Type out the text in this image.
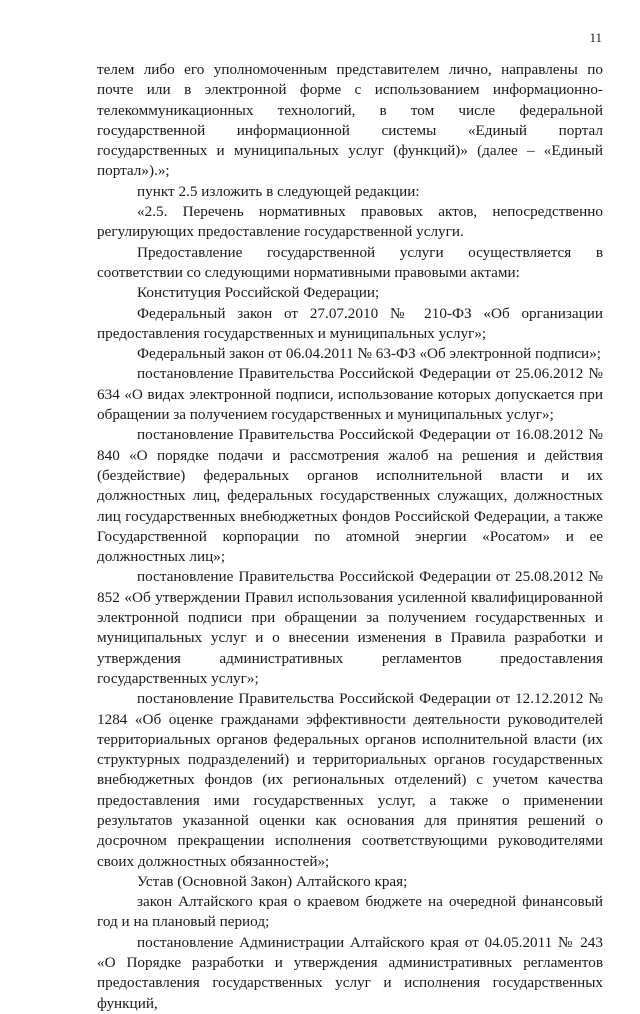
11

телем либо его уполномоченным представителем лично, направлены по почте или в электронной форме с использованием информационно-телекоммуникационных технологий, в том числе федеральной государственной информационной системы «Единый портал государственных и муниципальных услуг (функций)» (далее – «Единый портал»).»;

пункт 2.5 изложить в следующей редакции:

«2.5. Перечень нормативных правовых актов, непосредственно регулирующих предоставление государственной услуги.

Предоставление государственной услуги осуществляется в соответствии со следующими нормативными правовыми актами:

Конституция Российской Федерации;

Федеральный закон от 27.07.2010 № 210-ФЗ «Об организации предоставления государственных и муниципальных услуг»;

Федеральный закон от 06.04.2011 № 63-ФЗ «Об электронной подписи»;

постановление Правительства Российской Федерации от 25.06.2012 № 634 «О видах электронной подписи, использование которых допускается при обращении за получением государственных и муниципальных услуг»;

постановление Правительства Российской Федерации от 16.08.2012 № 840 «О порядке подачи и рассмотрения жалоб на решения и действия (бездействие) федеральных органов исполнительной власти и их должностных лиц, федеральных государственных служащих, должностных лиц государственных внебюджетных фондов Российской Федерации, а также Государственной корпорации по атомной энергии «Росатом» и ее должностных лиц»;

постановление Правительства Российской Федерации от 25.08.2012 № 852 «Об утверждении Правил использования усиленной квалифицированной электронной подписи при обращении за получением государственных и муниципальных услуг и о внесении изменения в Правила разработки и утверждения административных регламентов предоставления государственных услуг»;

постановление Правительства Российской Федерации от 12.12.2012 № 1284 «Об оценке гражданами эффективности деятельности руководителей территориальных органов федеральных органов исполнительной власти (их структурных подразделений) и территориальных органов государственных внебюджетных фондов (их региональных отделений) с учетом качества предоставления ими государственных услуг, а также о применении результатов указанной оценки как основания для принятия решений о досрочном прекращении исполнения соответствующими руководителями своих должностных обязанностей»;

Устав (Основной Закон) Алтайского края;

закон Алтайского края о краевом бюджете на очередной финансовый год и на плановый период;

постановление Администрации Алтайского края от 04.05.2011 № 243 «О Порядке разработки и утверждения административных регламентов предоставления государственных услуг и исполнения государственных функций,
